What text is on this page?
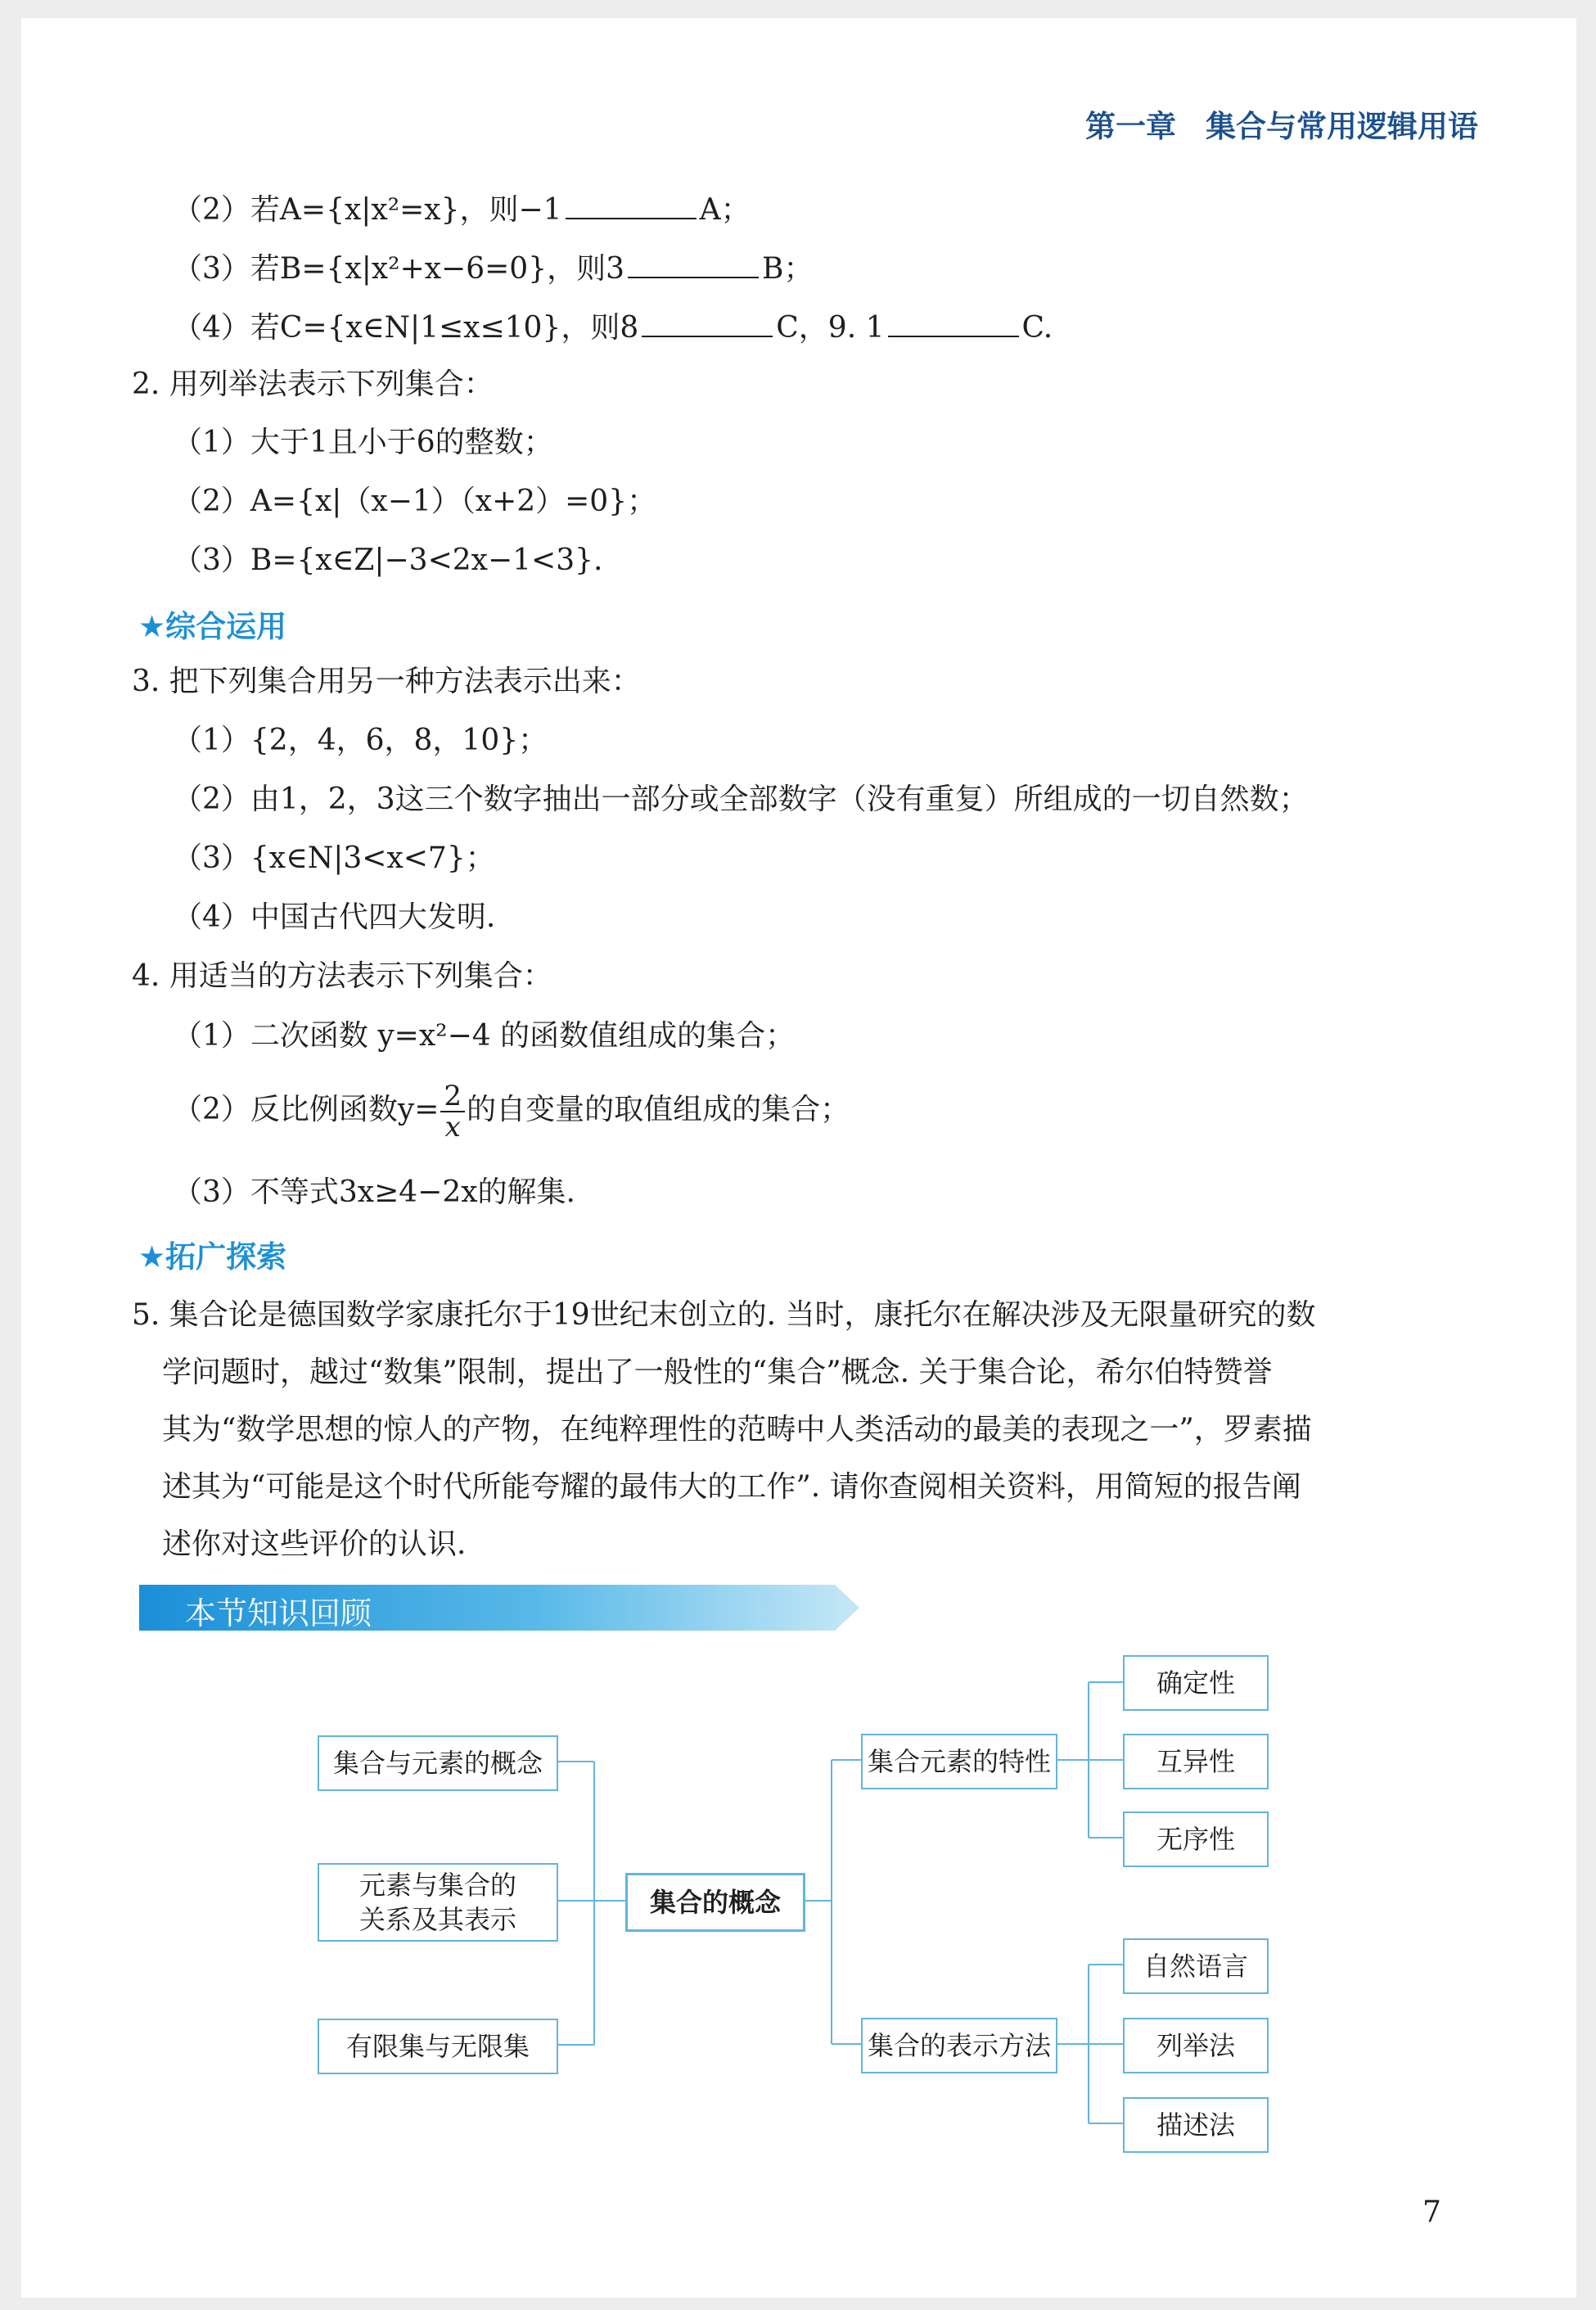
第一章 集合与常用逻辑用语
（2）若A={x|x²=x}，则−1	A；
（3）若B={x|x²+x−6=0}，则3	B；
（4）若C={x∈N|1≤x≤10}，则8	C，9. 1	C.
2. 用列举法表示下列集合：
（1）大于1且小于6的整数；
（2）A={x|（x−1）（x+2）=0}；
（3）B={x∈Z|−3<2x−1<3}.
★综合运用
3. 把下列集合用另一种方法表示出来：
（1）{2，4，6，8，10}；
（2）由1，2，3这三个数字抽出一部分或全部数字（没有重复）所组成的一切自然数；
（3）{x∈N|3<x<7}；
（4）中国古代四大发明.
4. 用适当的方法表示下列集合：
（1）二次函数 y=x²−4 的函数值组成的集合；
（2）反比例函数$y= \frac{2}{x}$ 的自变量的取值组成的集合；
（3）不等式3x≥4−2x的解集.
★拓广探索
5. 集合论是德国数学家康托尔于19世纪末创立的. 当时，康托尔在解决涉及无限量研究的数
学问题时，越过“数集”限制，提出了一般性的“集合”概念. 关于集合论，希尔伯特赞誉
其为“数学思想的惊人的产物，在纯粹理性的范畴中人类活动的最美的表现之一”，罗素描
述其为“可能是这个时代所能夸耀的最伟大的工作”. 请你查阅相关资料，用简短的报告阐
述你对这些评价的认识.
本节知识回顾
集合与元素的概念
元素与集合的
关系及其表示
有限集与无限集
集合的概念
集合元素的特性
集合的表示方法
确定性
互异性
无序性
自然语言
列举法
描述法
7
